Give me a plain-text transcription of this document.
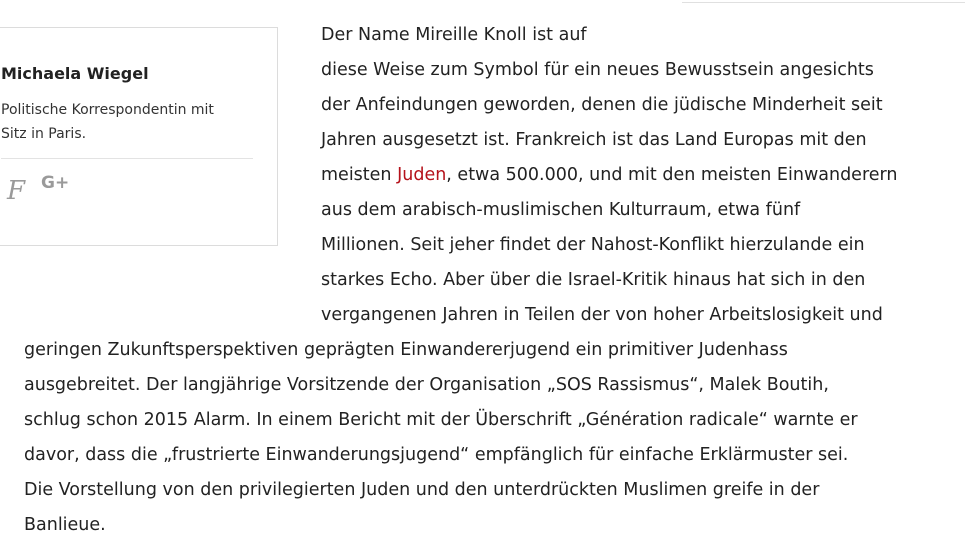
Michaela Wiegel
Politische Korrespondentin mit
Sitz in Paris.
F G+
Der Name Mireille Knoll ist auf
diese Weise zum Symbol für ein neues Bewusstsein angesichts
der Anfeindungen geworden, denen die jüdische Minderheit seit
Jahren ausgesetzt ist. Frankreich ist das Land Europas mit den
meisten Juden, etwa 500.000, und mit den meisten Einwanderern
aus dem arabisch-muslimischen Kulturraum, etwa fünf
Millionen. Seit jeher findet der Nahost-Konflikt hierzulande ein
starkes Echo. Aber über die Israel-Kritik hinaus hat sich in den
vergangenen Jahren in Teilen der von hoher Arbeitslosigkeit und
geringen Zukunftsperspektiven geprägten Einwandererjugend ein primitiver Judenhass
ausgebreitet. Der langjährige Vorsitzende der Organisation „SOS Rassismus“, Malek Boutih,
schlug schon 2015 Alarm. In einem Bericht mit der Überschrift „Génération radicale“ warnte er
davor, dass die „frustrierte Einwanderungsjugend“ empfänglich für einfache Erklärmuster sei.
Die Vorstellung von den privilegierten Juden und den unterdrückten Muslimen greife in der
Banlieue.
